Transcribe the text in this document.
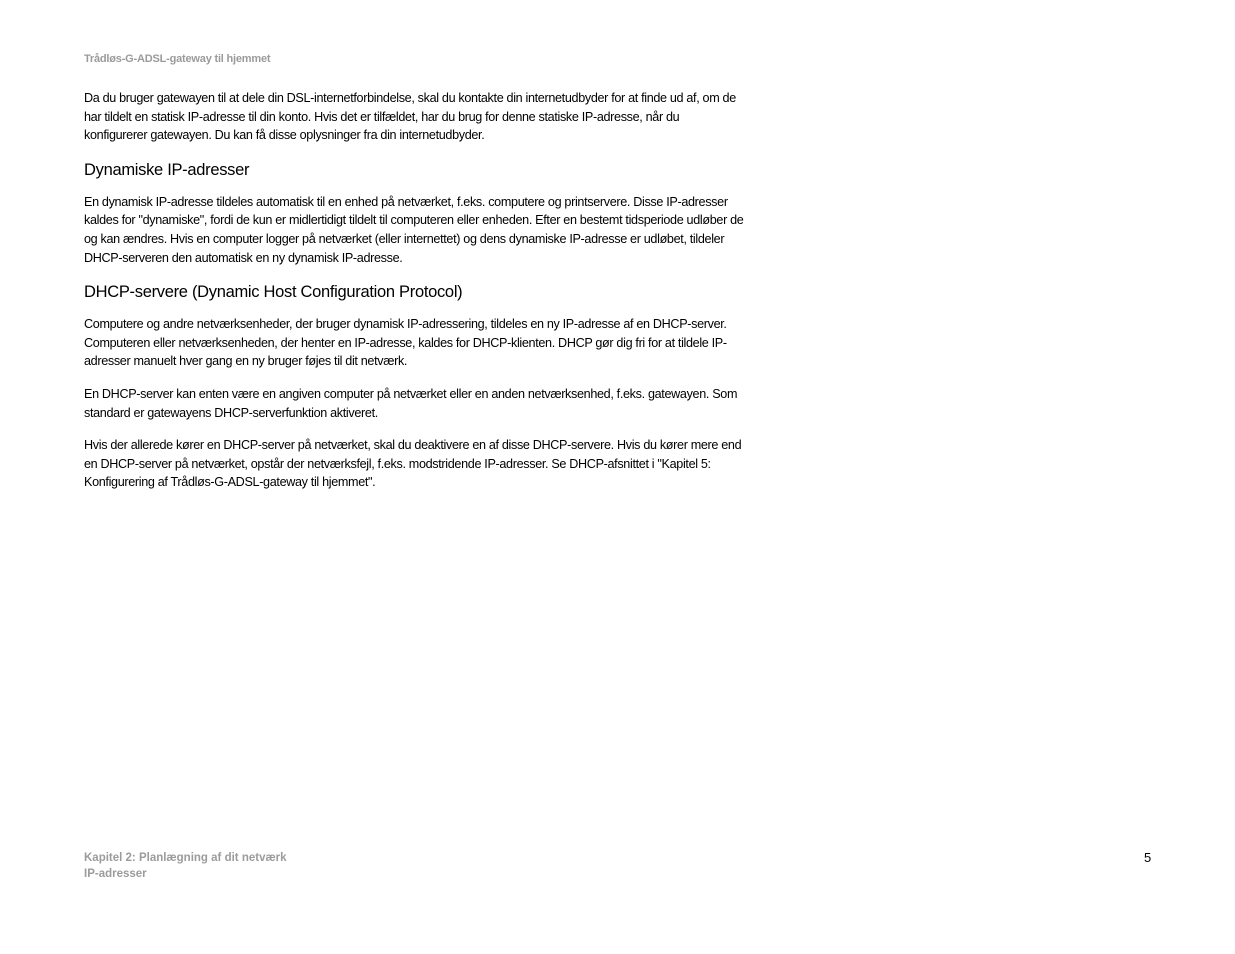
Trådløs-G-ADSL-gateway til hjemmet

Da du bruger gatewayen til at dele din DSL-internetforbindelse, skal du kontakte din internetudbyder for at finde ud af, om de har tildelt en statisk IP-adresse til din konto. Hvis det er tilfældet, har du brug for denne statiske IP-adresse, når du konfigurerer gatewayen. Du kan få disse oplysninger fra din internetudbyder.

Dynamiske IP-adresser

En dynamisk IP-adresse tildeles automatisk til en enhed på netværket, f.eks. computere og printservere. Disse IP-adresser kaldes for "dynamiske", fordi de kun er midlertidigt tildelt til computeren eller enheden. Efter en bestemt tidsperiode udløber de og kan ændres. Hvis en computer logger på netværket (eller internettet) og dens dynamiske IP-adresse er udløbet, tildeler DHCP-serveren den automatisk en ny dynamisk IP-adresse.

DHCP-servere (Dynamic Host Configuration Protocol)

Computere og andre netværksenheder, der bruger dynamisk IP-adressering, tildeles en ny IP-adresse af en DHCP-server. Computeren eller netværksenheden, der henter en IP-adresse, kaldes for DHCP-klienten. DHCP gør dig fri for at tildele IP-adresser manuelt hver gang en ny bruger føjes til dit netværk.

En DHCP-server kan enten være en angiven computer på netværket eller en anden netværksenhed, f.eks. gatewayen. Som standard er gatewayens DHCP-serverfunktion aktiveret.

Hvis der allerede kører en DHCP-server på netværket, skal du deaktivere en af disse DHCP-servere. Hvis du kører mere end en DHCP-server på netværket, opstår der netværksfejl, f.eks. modstridende IP-adresser. Se DHCP-afsnittet i "Kapitel 5: Konfigurering af Trådløs-G-ADSL-gateway til hjemmet".

Kapitel 2: Planlægning af dit netværk
IP-adresser
5
